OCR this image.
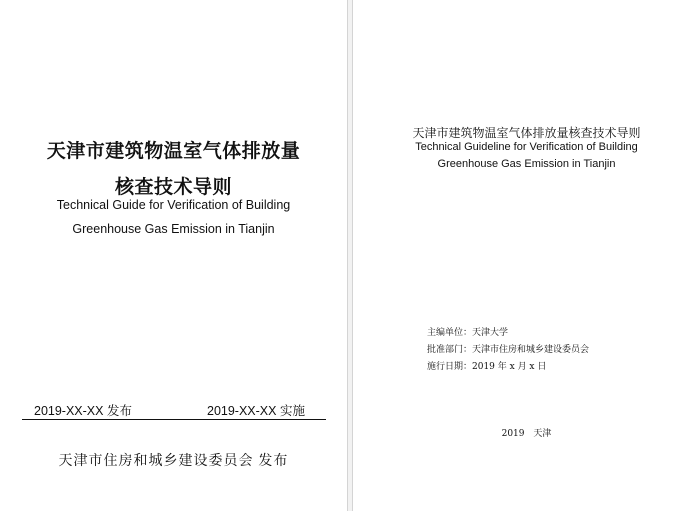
天津市建筑物温室气体排放量
核查技术导则
Technical Guide for Verification of Building
Greenhouse Gas Emission in Tianjin
2019-XX-XX 发布	2019-XX-XX 实施
天津市住房和城乡建设委员会 发布
天津市建筑物温室气体排放量核查技术导则
Technical Guideline for Verification of Building
Greenhouse Gas Emission in Tianjin
2019 天津
主编单位：天津大学
批准部门：天津市住房和城乡建设委员会
施行日期：2019 年 x 月 x 日
